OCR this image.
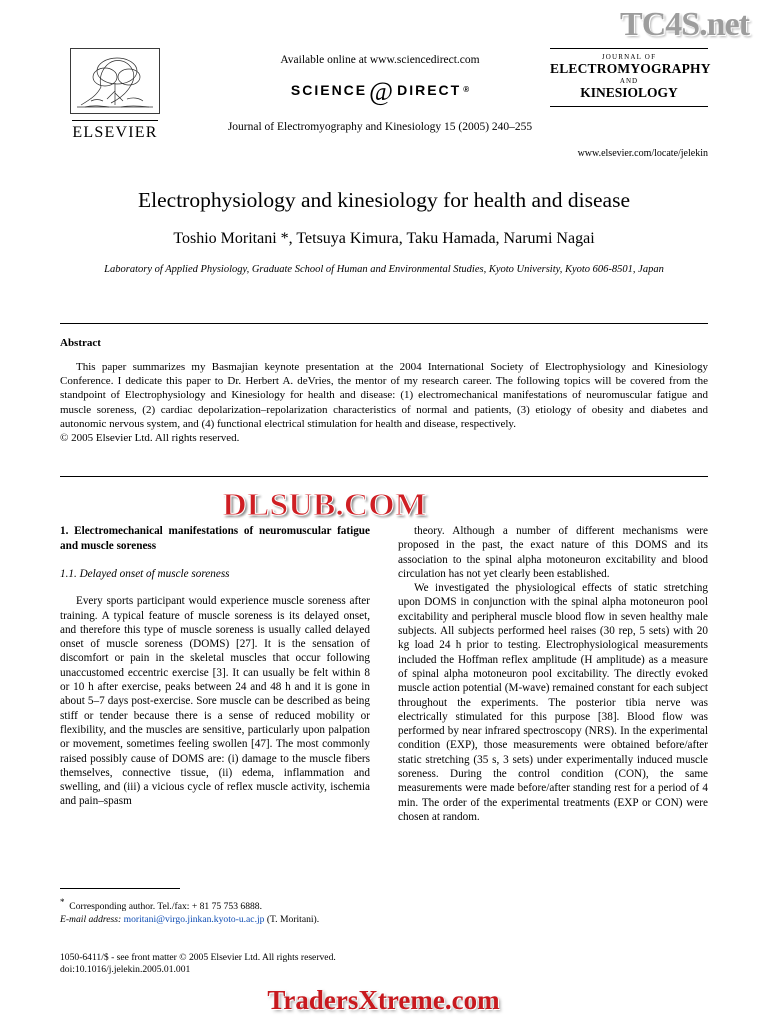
TC4S.net
ELSEVIER
Available online at www.sciencedirect.com
SCIENCE @ DIRECT ®
Journal of Electromyography and Kinesiology 15 (2005) 240–255
JOURNAL OF
ELECTROMYOGRAPHY
AND
KINESIOLOGY
www.elsevier.com/locate/jelekin
Electrophysiology and kinesiology for health and disease
Toshio Moritani *, Tetsuya Kimura, Taku Hamada, Narumi Nagai
Laboratory of Applied Physiology, Graduate School of Human and Environmental Studies, Kyoto University, Kyoto 606-8501, Japan
Abstract

This paper summarizes my Basmajian keynote presentation at the 2004 International Society of Electrophysiology and Kinesiology Conference. I dedicate this paper to Dr. Herbert A. deVries, the mentor of my research career. The following topics will be covered from the standpoint of Electrophysiology and Kinesiology for health and disease: (1) electromechanical manifestations of neuromuscular fatigue and muscle soreness, (2) cardiac depolarization–repolarization characteristics of normal and patients, (3) etiology of obesity and diabetes and autonomic nervous system, and (4) functional electrical stimulation for health and disease, respectively.

© 2005 Elsevier Ltd. All rights reserved.

DLSUB.COM

1. Electromechanical manifestations of neuromuscular fatigue and muscle soreness

1.1. Delayed onset of muscle soreness

Every sports participant would experience muscle soreness after training. A typical feature of muscle soreness is its delayed onset, and therefore this type of muscle soreness is usually called delayed onset of muscle soreness (DOMS) [27]. It is the sensation of discomfort or pain in the skeletal muscles that occur following unaccustomed eccentric exercise [3]. It can usually be felt within 8 or 10 h after exercise, peaks between 24 and 48 h and it is gone in about 5–7 days post-exercise. Sore muscle can be described as being stiff or tender because there is a sense of reduced mobility or flexibility, and the muscles are sensitive, particularly upon palpation or movement, sometimes feeling swollen [47]. The most commonly raised possibly cause of DOMS are: (i) damage to the muscle fibers themselves, connective tissue, (ii) edema, inflammation and swelling, and (iii) a vicious cycle of reflex muscle activity, ischemia and pain–spasm

theory. Although a number of different mechanisms were proposed in the past, the exact nature of this DOMS and its association to the spinal alpha motoneuron excitability and blood circulation has not yet clearly been established.

We investigated the physiological effects of static stretching upon DOMS in conjunction with the spinal alpha motoneuron pool excitability and peripheral muscle blood flow in seven healthy male subjects. All subjects performed heel raises (30 rep, 5 sets) with 20 kg load 24 h prior to testing. Electrophysiological measurements included the Hoffman reflex amplitude (H amplitude) as a measure of spinal alpha motoneuron pool excitability. The directly evoked muscle action potential (M-wave) remained constant for each subject throughout the experiments. The posterior tibia nerve was electrically stimulated for this purpose [38]. Blood flow was performed by near infrared spectroscopy (NRS). In the experimental condition (EXP), those measurements were obtained before/after static stretching (35 s, 3 sets) under experimentally induced muscle soreness. During the control condition (CON), the same measurements were made before/after standing rest for a period of 4 min. The order of the experimental treatments (EXP or CON) were chosen at random.

* Corresponding author. Tel./fax: + 81 75 753 6888.
E-mail address: moritani@virgo.jinkan.kyoto-u.ac.jp (T. Moritani).
1050-6411/$ - see front matter © 2005 Elsevier Ltd. All rights reserved.
doi:10.1016/j.jelekin.2005.01.001
TradersXtreme.com
